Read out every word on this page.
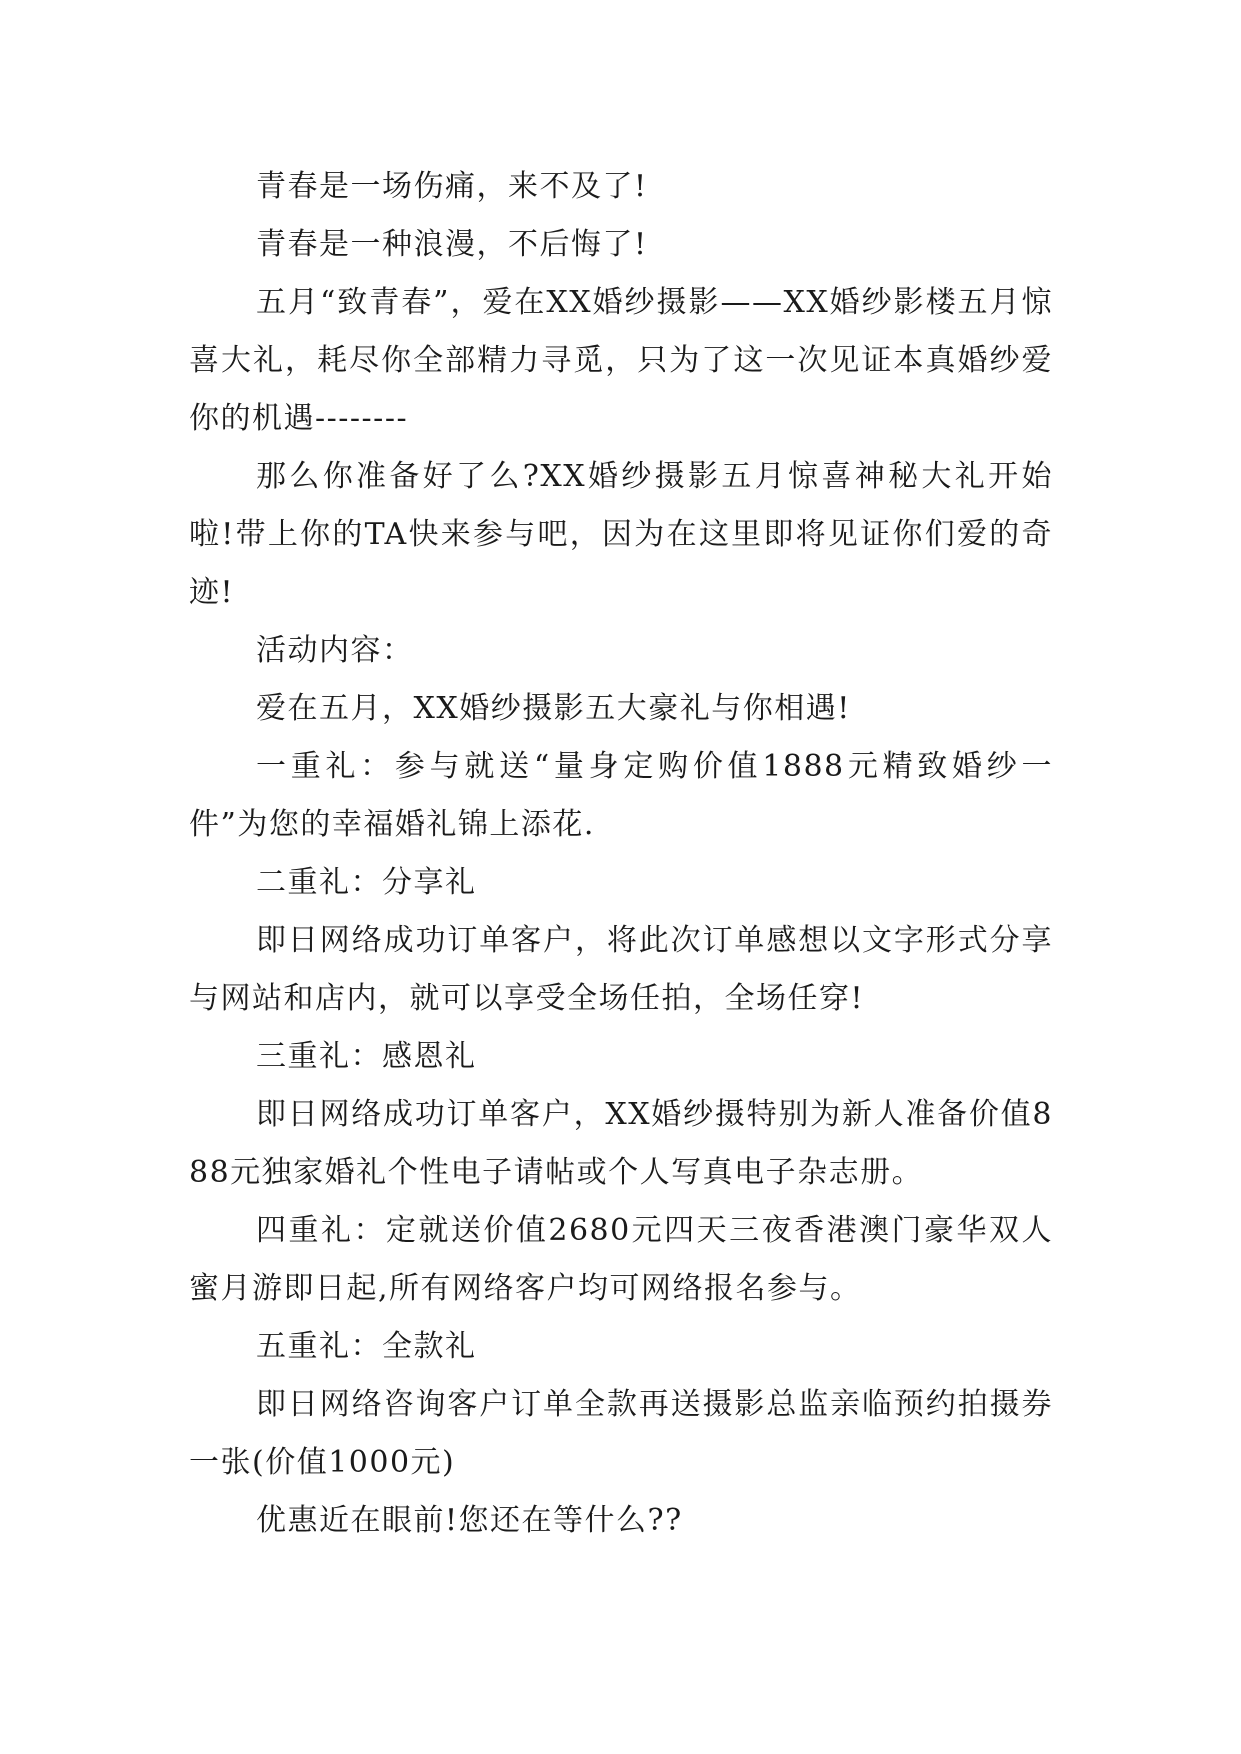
青春是一场伤痛，来不及了!

青春是一种浪漫，不后悔了!

五月“致青春”，爱在XX婚纱摄影——XX婚纱影楼五月惊喜大礼，耗尽你全部精力寻觅，只为了这一次见证本真婚纱爱你的机遇--------

那么你准备好了么?XX婚纱摄影五月惊喜神秘大礼开始啦!带上你的TA快来参与吧，因为在这里即将见证你们爱的奇迹!

活动内容：

爱在五月，XX婚纱摄影五大豪礼与你相遇!

一重礼：参与就送“量身定购价值1888元精致婚纱一件”为您的幸福婚礼锦上添花.

二重礼：分享礼

即日网络成功订单客户，将此次订单感想以文字形式分享与网站和店内，就可以享受全场任拍，全场任穿!

三重礼：感恩礼

即日网络成功订单客户，XX婚纱摄特别为新人准备价值888元独家婚礼个性电子请帖或个人写真电子杂志册。

四重礼：定就送价值2680元四天三夜香港澳门豪华双人蜜月游即日起,所有网络客户均可网络报名参与。

五重礼：全款礼

即日网络咨询客户订单全款再送摄影总监亲临预约拍摄券一张(价值1000元)

优惠近在眼前!您还在等什么??
